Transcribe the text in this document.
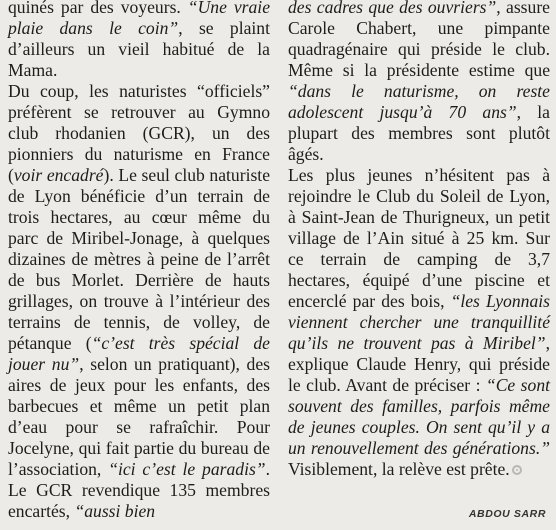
quinés par des voyeurs. “Une vraie plaie dans le coin”, se plaint d’ailleurs un vieil habitué de la Mama.

Du coup, les naturistes “officiels” préfèrent se retrouver au Gymno club rhodanien (GCR), un des pionniers du naturisme en France (voir encadré). Le seul club naturiste de Lyon bénéficie d’un terrain de trois hectares, au cœur même du parc de Miribel-Jonage, à quelques dizaines de mètres à peine de l’arrêt de bus Morlet. Derrière de hauts grillages, on trouve à l’intérieur des terrains de tennis, de volley, de pétanque (“c’est très spécial de jouer nu”, selon un pratiquant), des aires de jeux pour les enfants, des barbecues et même un petit plan d’eau pour se rafraîchir. Pour Jocelyne, qui fait partie du bureau de l’association, “ici c’est le paradis”. Le GCR revendique 135 membres encartés, “aussi bien

des cadres que des ouvriers”, assure Carole Chabert, une pimpante quadragénaire qui préside le club. Même si la présidente estime que “dans le naturisme, on reste adolescent jusqu’à 70 ans”, la plupart des membres sont plutôt âgés.

Les plus jeunes n’hésitent pas à rejoindre le Club du Soleil de Lyon, à Saint-Jean de Thurigneux, un petit village de l’Ain situé à 25 km. Sur ce terrain de camping de 3,7 hectares, équipé d’une piscine et encerclé par des bois, “les Lyonnais viennent chercher une tranquillité qu’ils ne trouvent pas à Miribel”, explique Claude Henry, qui préside le club. Avant de préciser : “Ce sont souvent des familles, parfois même de jeunes couples. On sent qu’il y a un renouvellement des générations.” Visiblement, la relève est prête.

ABDOU SARR
